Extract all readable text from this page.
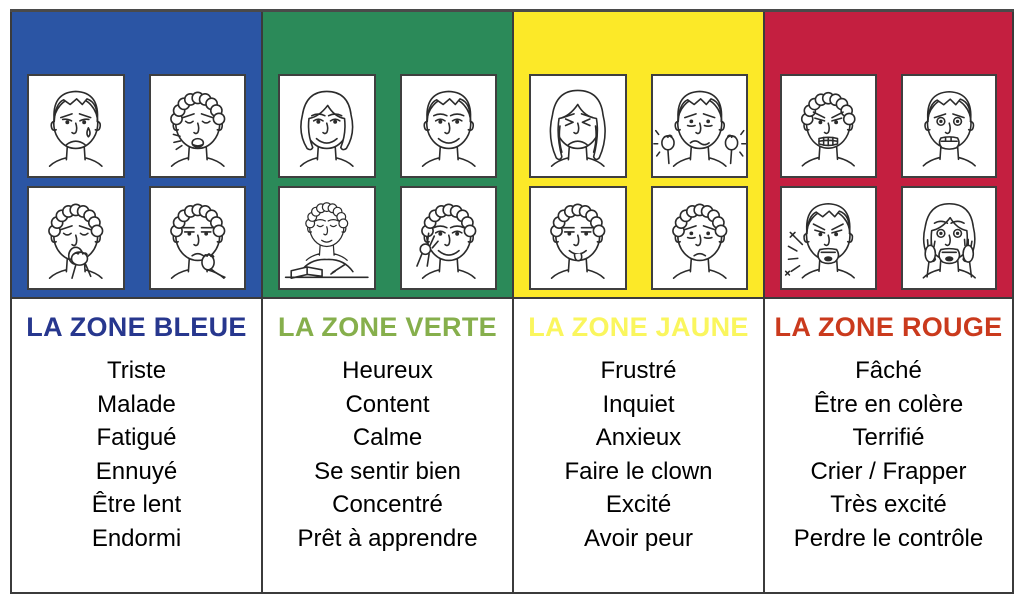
LA ZONE BLEUE
Triste
Malade
Fatigué
Ennuyé
Être lent
Endormi
LA ZONE VERTE
Heureux
Content
Calme
Se sentir bien
Concentré
Prêt à apprendre
LA ZONE JAUNE
Frustré
Inquiet
Anxieux
Faire le clown
Excité
Avoir peur
LA ZONE ROUGE
Fâché
Être en colère
Terrifié
Crier / Frapper
Très excité
Perdre le contrôle
